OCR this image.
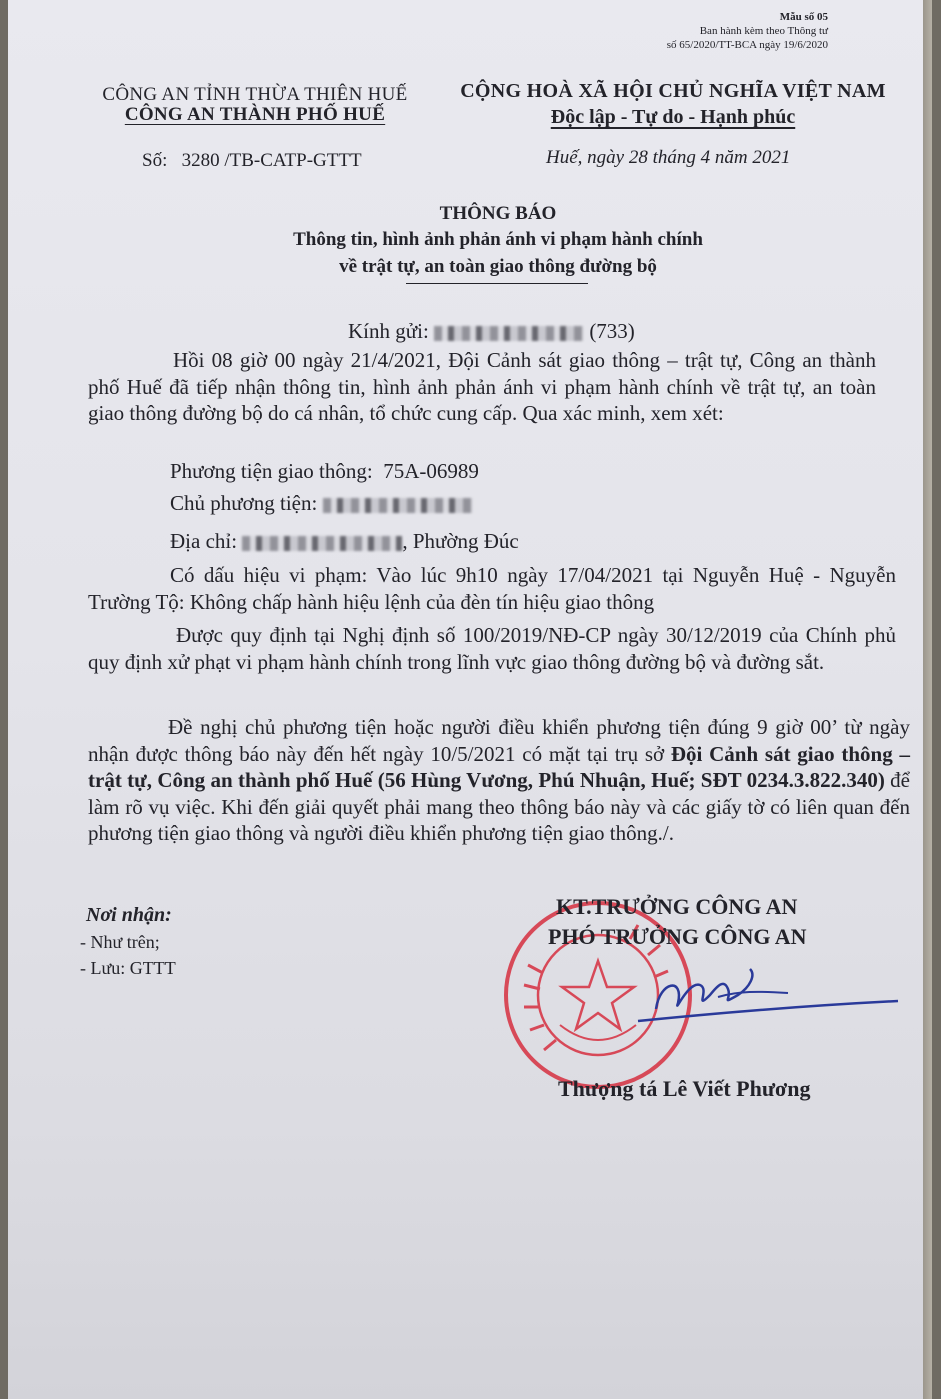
Mẫu số 05
Ban hành kèm theo Thông tư
số 65/2020/TT-BCA ngày 19/6/2020
CÔNG AN TỈNH THỪA THIÊN HUẾ
CÔNG AN THÀNH PHỐ HUẾ
Số: 3280 /TB-CATP-GTTT
CỘNG HOÀ XÃ HỘI CHỦ NGHĨA VIỆT NAM
Độc lập - Tự do - Hạnh phúc
Huế, ngày 28 tháng 4 năm 2021
THÔNG BÁO
Thông tin, hình ảnh phản ánh vi phạm hành chính
về trật tự, an toàn giao thông đường bộ
Kính gửi:	(733)
Hồi 08 giờ 00 ngày 21/4/2021, Đội Cảnh sát giao thông – trật tự, Công an thành phố Huế đã tiếp nhận thông tin, hình ảnh phản ánh vi phạm hành chính về trật tự, an toàn giao thông đường bộ do cá nhân, tổ chức cung cấp. Qua xác minh, xem xét:
Phương tiện giao thông: 75A-06989
Chủ phương tiện:
Địa chỉ:	, Phường Đúc
Có dấu hiệu vi phạm: Vào lúc 9h10 ngày 17/04/2021 tại Nguyễn Huệ - Nguyễn Trường Tộ: Không chấp hành hiệu lệnh của đèn tín hiệu giao thông
Được quy định tại Nghị định số 100/2019/NĐ-CP ngày 30/12/2019 của Chính phủ quy định xử phạt vi phạm hành chính trong lĩnh vực giao thông đường bộ và đường sắt.
Đề nghị chủ phương tiện hoặc người điều khiển phương tiện đúng 9 giờ 00’ từ ngày nhận được thông báo này đến hết ngày 10/5/2021 có mặt tại trụ sở Đội Cảnh sát giao thông – trật tự, Công an thành phố Huế (56 Hùng Vương, Phú Nhuận, Huế; SĐT 0234.3.822.340) để làm rõ vụ việc. Khi đến giải quyết phải mang theo thông báo này và các giấy tờ có liên quan đến phương tiện giao thông và người điều khiển phương tiện giao thông./.
Nơi nhận:
- Như trên;
- Lưu: GTTT
KT.TRƯỞNG CÔNG AN
PHÓ TRƯỞNG CÔNG AN
Thượng tá Lê Viết Phương
